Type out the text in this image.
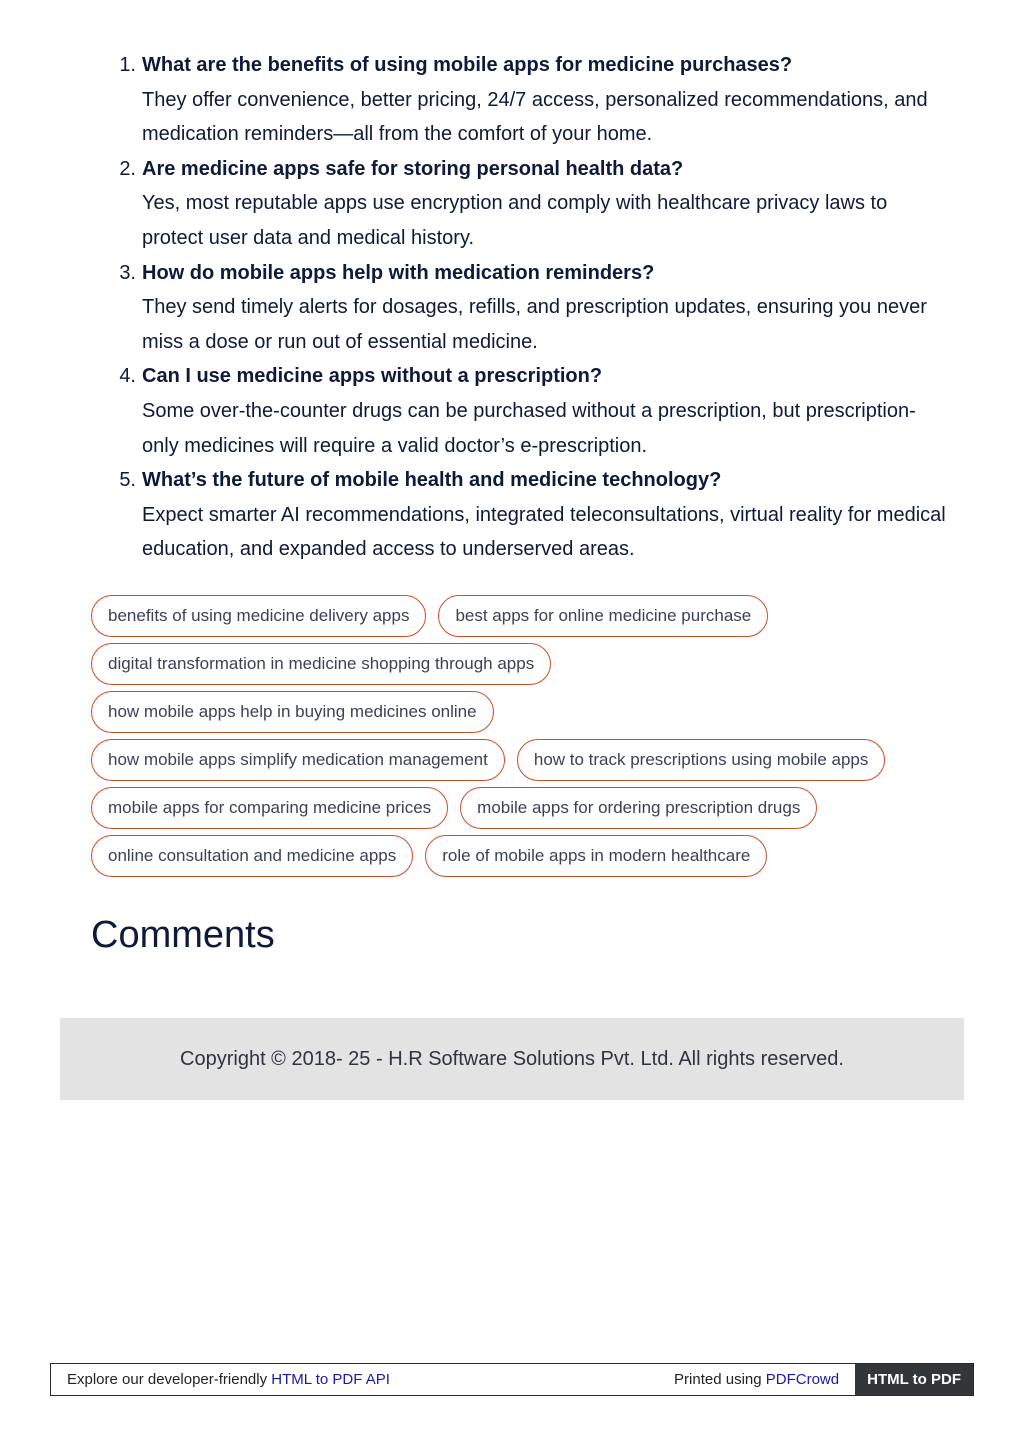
1. What are the benefits of using mobile apps for medicine purchases?
They offer convenience, better pricing, 24/7 access, personalized recommendations, and medication reminders—all from the comfort of your home.
2. Are medicine apps safe for storing personal health data?
Yes, most reputable apps use encryption and comply with healthcare privacy laws to protect user data and medical history.
3. How do mobile apps help with medication reminders?
They send timely alerts for dosages, refills, and prescription updates, ensuring you never miss a dose or run out of essential medicine.
4. Can I use medicine apps without a prescription?
Some over-the-counter drugs can be purchased without a prescription, but prescription-only medicines will require a valid doctor’s e-prescription.
5. What’s the future of mobile health and medicine technology?
Expect smarter AI recommendations, integrated teleconsultations, virtual reality for medical education, and expanded access to underserved areas.
benefits of using medicine delivery apps	best apps for online medicine purchase
digital transformation in medicine shopping through apps
how mobile apps help in buying medicines online
how mobile apps simplify medication management	how to track prescriptions using mobile apps
mobile apps for comparing medicine prices	mobile apps for ordering prescription drugs
online consultation and medicine apps	role of mobile apps in modern healthcare
Comments
Copyright © 2018- 25 - H.R Software Solutions Pvt. Ltd. All rights reserved.
Explore our developer-friendly HTML to PDF API	Printed using PDFCrowd	HTML to PDF
